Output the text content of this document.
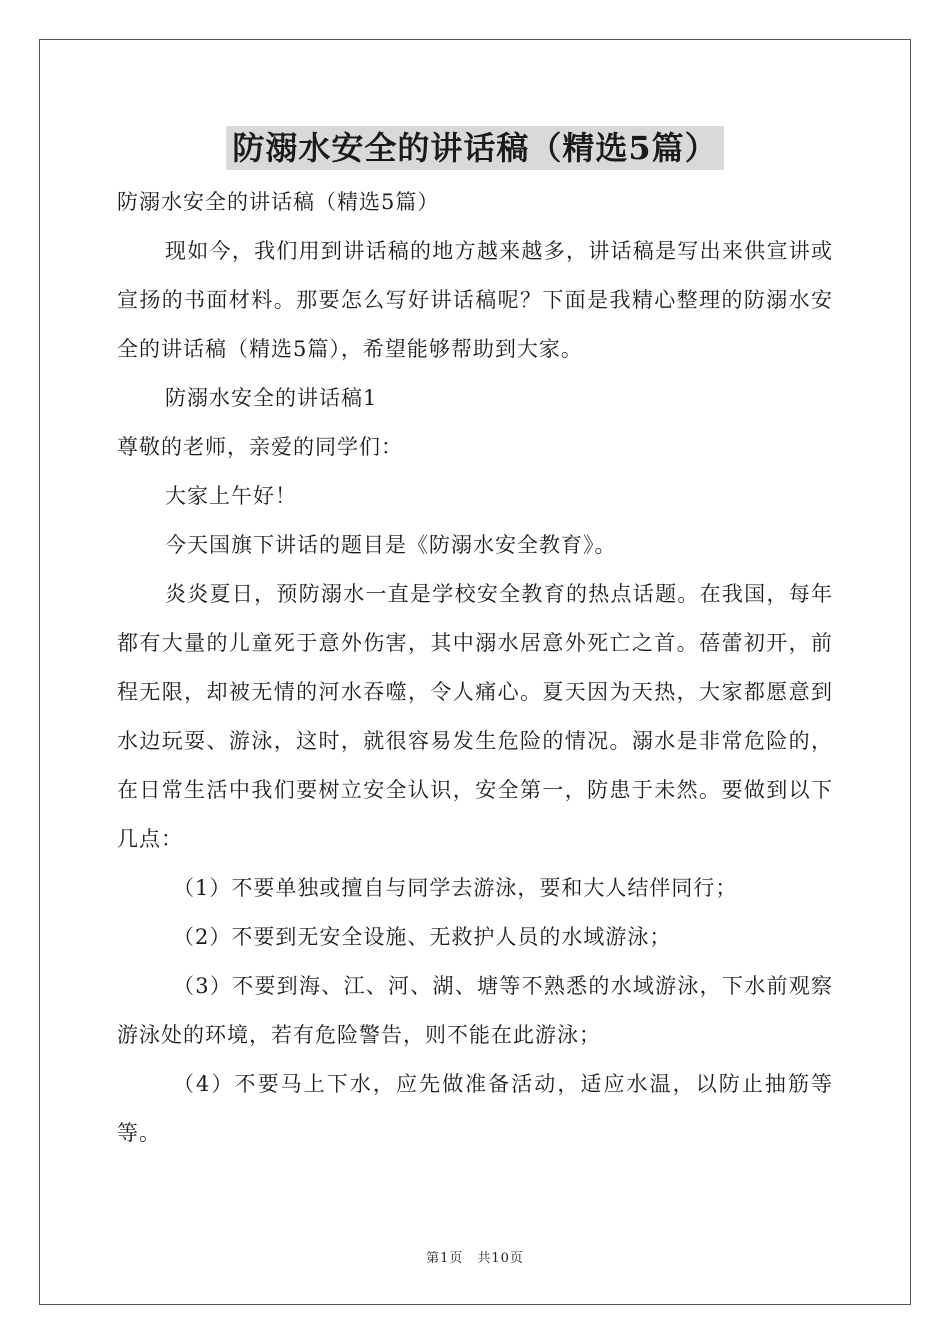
防溺水安全的讲话稿（精选5篇）

防溺水安全的讲话稿（精选5篇）

现如今，我们用到讲话稿的地方越来越多，讲话稿是写出来供宣讲或宣扬的书面材料。那要怎么写好讲话稿呢？下面是我精心整理的防溺水安全的讲话稿（精选5篇），希望能够帮助到大家。

防溺水安全的讲话稿1

尊敬的老师，亲爱的同学们：

大家上午好！

今天国旗下讲话的题目是《防溺水安全教育》。

炎炎夏日，预防溺水一直是学校安全教育的热点话题。在我国，每年都有大量的儿童死于意外伤害，其中溺水居意外死亡之首。蓓蕾初开，前程无限，却被无情的河水吞噬，令人痛心。夏天因为天热，大家都愿意到水边玩耍、游泳，这时，就很容易发生危险的情况。溺水是非常危险的，在日常生活中我们要树立安全认识，安全第一，防患于未然。要做到以下几点：

（1）不要单独或擅自与同学去游泳，要和大人结伴同行；

（2）不要到无安全设施、无救护人员的水域游泳；

（3）不要到海、江、河、湖、塘等不熟悉的水域游泳，下水前观察游泳处的环境，若有危险警告，则不能在此游泳；

（4）不要马上下水，应先做准备活动，适应水温，以防止抽筋等等。

第1页　共10页
